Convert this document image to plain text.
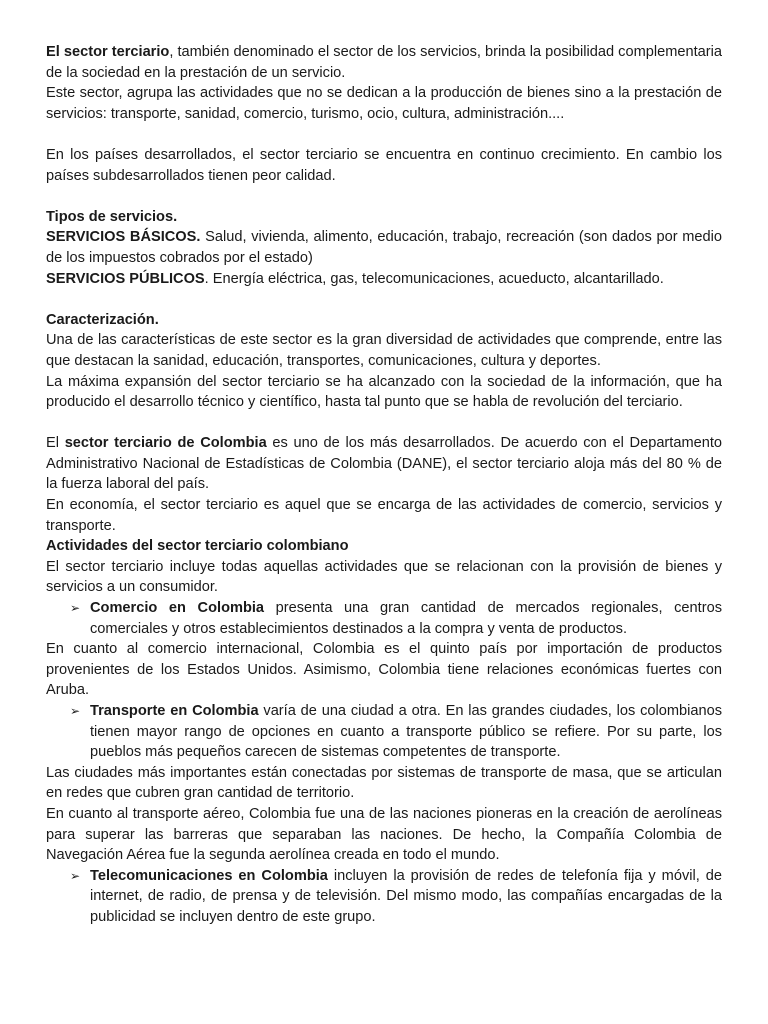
El sector terciario, también denominado el sector de los servicios, brinda la posibilidad complementaria de la sociedad en la prestación de un servicio.

Este sector, agrupa las actividades que no se dedican a la producción de bienes sino a la prestación de servicios: transporte, sanidad, comercio, turismo, ocio, cultura, administración....

En los países desarrollados, el sector terciario se encuentra en continuo crecimiento. En cambio los países subdesarrollados tienen peor calidad.

Tipos de servicios.

SERVICIOS BÁSICOS. Salud, vivienda, alimento, educación, trabajo, recreación (son dados por medio de los impuestos cobrados por el estado)

SERVICIOS PÚBLICOS. Energía eléctrica, gas, telecomunicaciones, acueducto, alcantarillado.

Caracterización.

Una de las características de este sector es la gran diversidad de actividades que comprende, entre las que destacan la sanidad, educación, transportes, comunicaciones, cultura y deportes.

La máxima expansión del sector terciario se ha alcanzado con la sociedad de la información, que ha producido el desarrollo técnico y científico, hasta tal punto que se habla de revolución del terciario.

El sector terciario de Colombia es uno de los más desarrollados. De acuerdo con el Departamento Administrativo Nacional de Estadísticas de Colombia (DANE), el sector terciario aloja más del 80 % de la fuerza laboral del país.

En economía, el sector terciario es aquel que se encarga de las actividades de comercio, servicios y transporte.

Actividades del sector terciario colombiano

El sector terciario incluye todas aquellas actividades que se relacionan con la provisión de bienes y servicios a un consumidor.

➢ Comercio en Colombia presenta una gran cantidad de mercados regionales, centros comerciales y otros establecimientos destinados a la compra y venta de productos.

En cuanto al comercio internacional, Colombia es el quinto país por importación de productos provenientes de los Estados Unidos. Asimismo, Colombia tiene relaciones económicas fuertes con Aruba.

➢ Transporte en Colombia varía de una ciudad a otra. En las grandes ciudades, los colombianos tienen mayor rango de opciones en cuanto a transporte público se refiere. Por su parte, los pueblos más pequeños carecen de sistemas competentes de transporte.

Las ciudades más importantes están conectadas por sistemas de transporte de masa, que se articulan en redes que cubren gran cantidad de territorio.

En cuanto al transporte aéreo, Colombia fue una de las naciones pioneras en la creación de aerolíneas para superar las barreras que separaban las naciones. De hecho, la Compañía Colombia de Navegación Aérea fue la segunda aerolínea creada en todo el mundo.

➢ Telecomunicaciones en Colombia incluyen la provisión de redes de telefonía fija y móvil, de internet, de radio, de prensa y de televisión. Del mismo modo, las compañías encargadas de la publicidad se incluyen dentro de este grupo.
